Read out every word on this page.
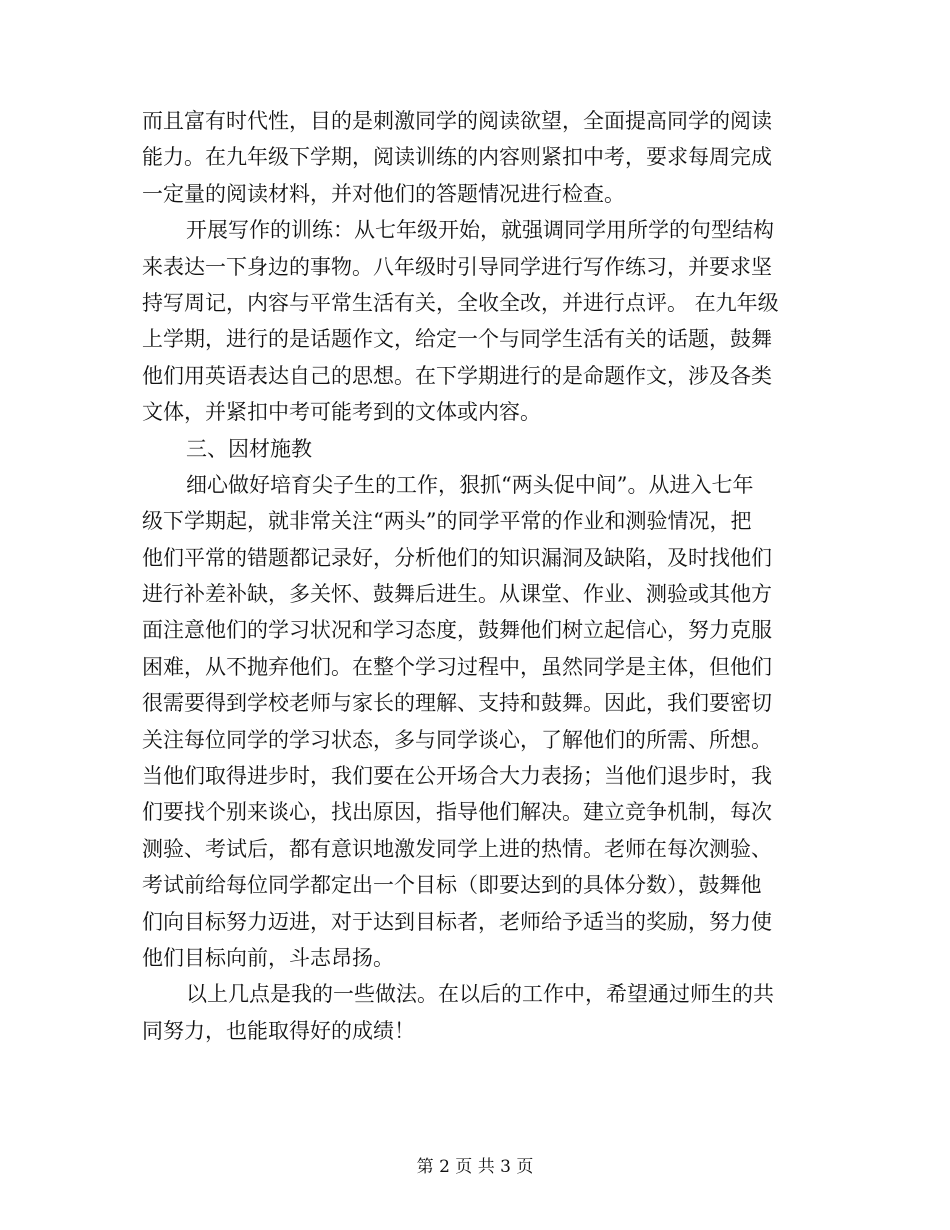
而且富有时代性，目的是刺激同学的阅读欲望，全面提高同学的阅读
能力。在九年级下学期，阅读训练的内容则紧扣中考，要求每周完成
一定量的阅读材料，并对他们的答题情况进行检查。
开展写作的训练：从七年级开始，就强调同学用所学的句型结构
来表达一下身边的事物。八年级时引导同学进行写作练习，并要求坚
持写周记，内容与平常生活有关，全收全改，并进行点评。 在九年级
上学期，进行的是话题作文，给定一个与同学生活有关的话题，鼓舞
他们用英语表达自己的思想。在下学期进行的是命题作文，涉及各类
文体，并紧扣中考可能考到的文体或内容。
三、因材施教
细心做好培育尖子生的工作，狠抓“两头促中间”。从进入七年
级下学期起，就非常关注“两头”的同学平常的作业和测验情况，把
他们平常的错题都记录好，分析他们的知识漏洞及缺陷，及时找他们
进行补差补缺，多关怀、鼓舞后进生。从课堂、作业、测验或其他方
面注意他们的学习状况和学习态度，鼓舞他们树立起信心，努力克服
困难，从不抛弃他们。在整个学习过程中，虽然同学是主体，但他们
很需要得到学校老师与家长的理解、支持和鼓舞。因此，我们要密切
关注每位同学的学习状态，多与同学谈心，了解他们的所需、所想。
当他们取得进步时，我们要在公开场合大力表扬；当他们退步时，我
们要找个别来谈心，找出原因，指导他们解决。建立竞争机制，每次
测验、考试后，都有意识地激发同学上进的热情。老师在每次测验、
考试前给每位同学都定出一个目标（即要达到的具体分数），鼓舞他
们向目标努力迈进，对于达到目标者，老师给予适当的奖励，努力使
他们目标向前，斗志昂扬。
以上几点是我的一些做法。在以后的工作中，希望通过师生的共
同努力，也能取得好的成绩！
第 2 页 共 3 页
